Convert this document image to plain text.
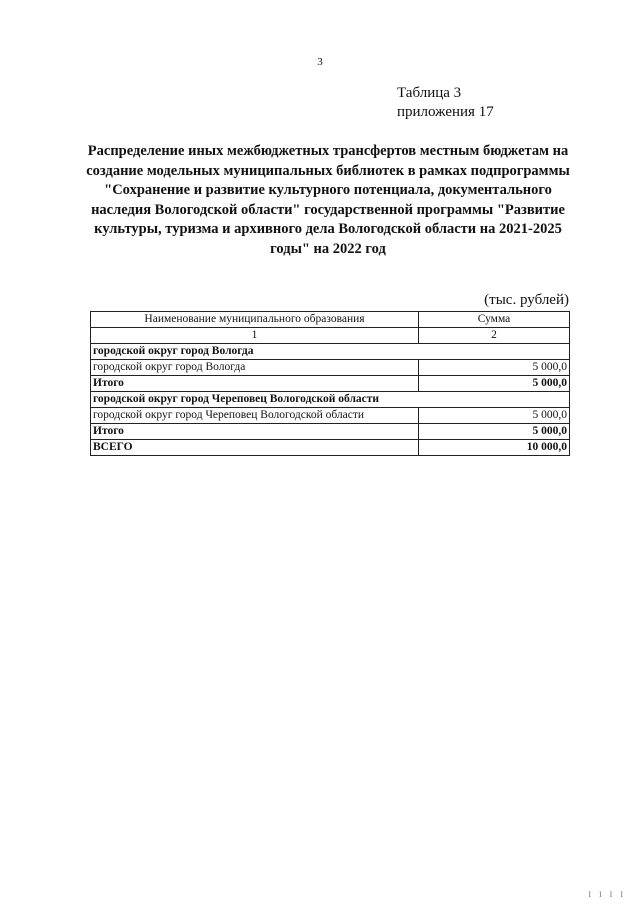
3
Таблица 3
приложения 17
Распределение иных межбюджетных трансфертов местным бюджетам на создание модельных муниципальных библиотек в рамках подпрограммы "Сохранение и развитие культурного потенциала, документального наследия Вологодской области" государственной программы "Развитие культуры, туризма и архивного дела Вологодской области на 2021-2025 годы" на 2022 год
(тыс. рублей)
Наименование муниципального образования	Сумма
1	2
городской округ город Вологда	
городской округ город Вологда	5 000,0
Итого	5 000,0
городской округ город Череповец Вологодской области	
городской округ город Череповец Вологодской области	5 000,0
Итого	5 000,0
ВСЕГО	10 000,0
I I I I
